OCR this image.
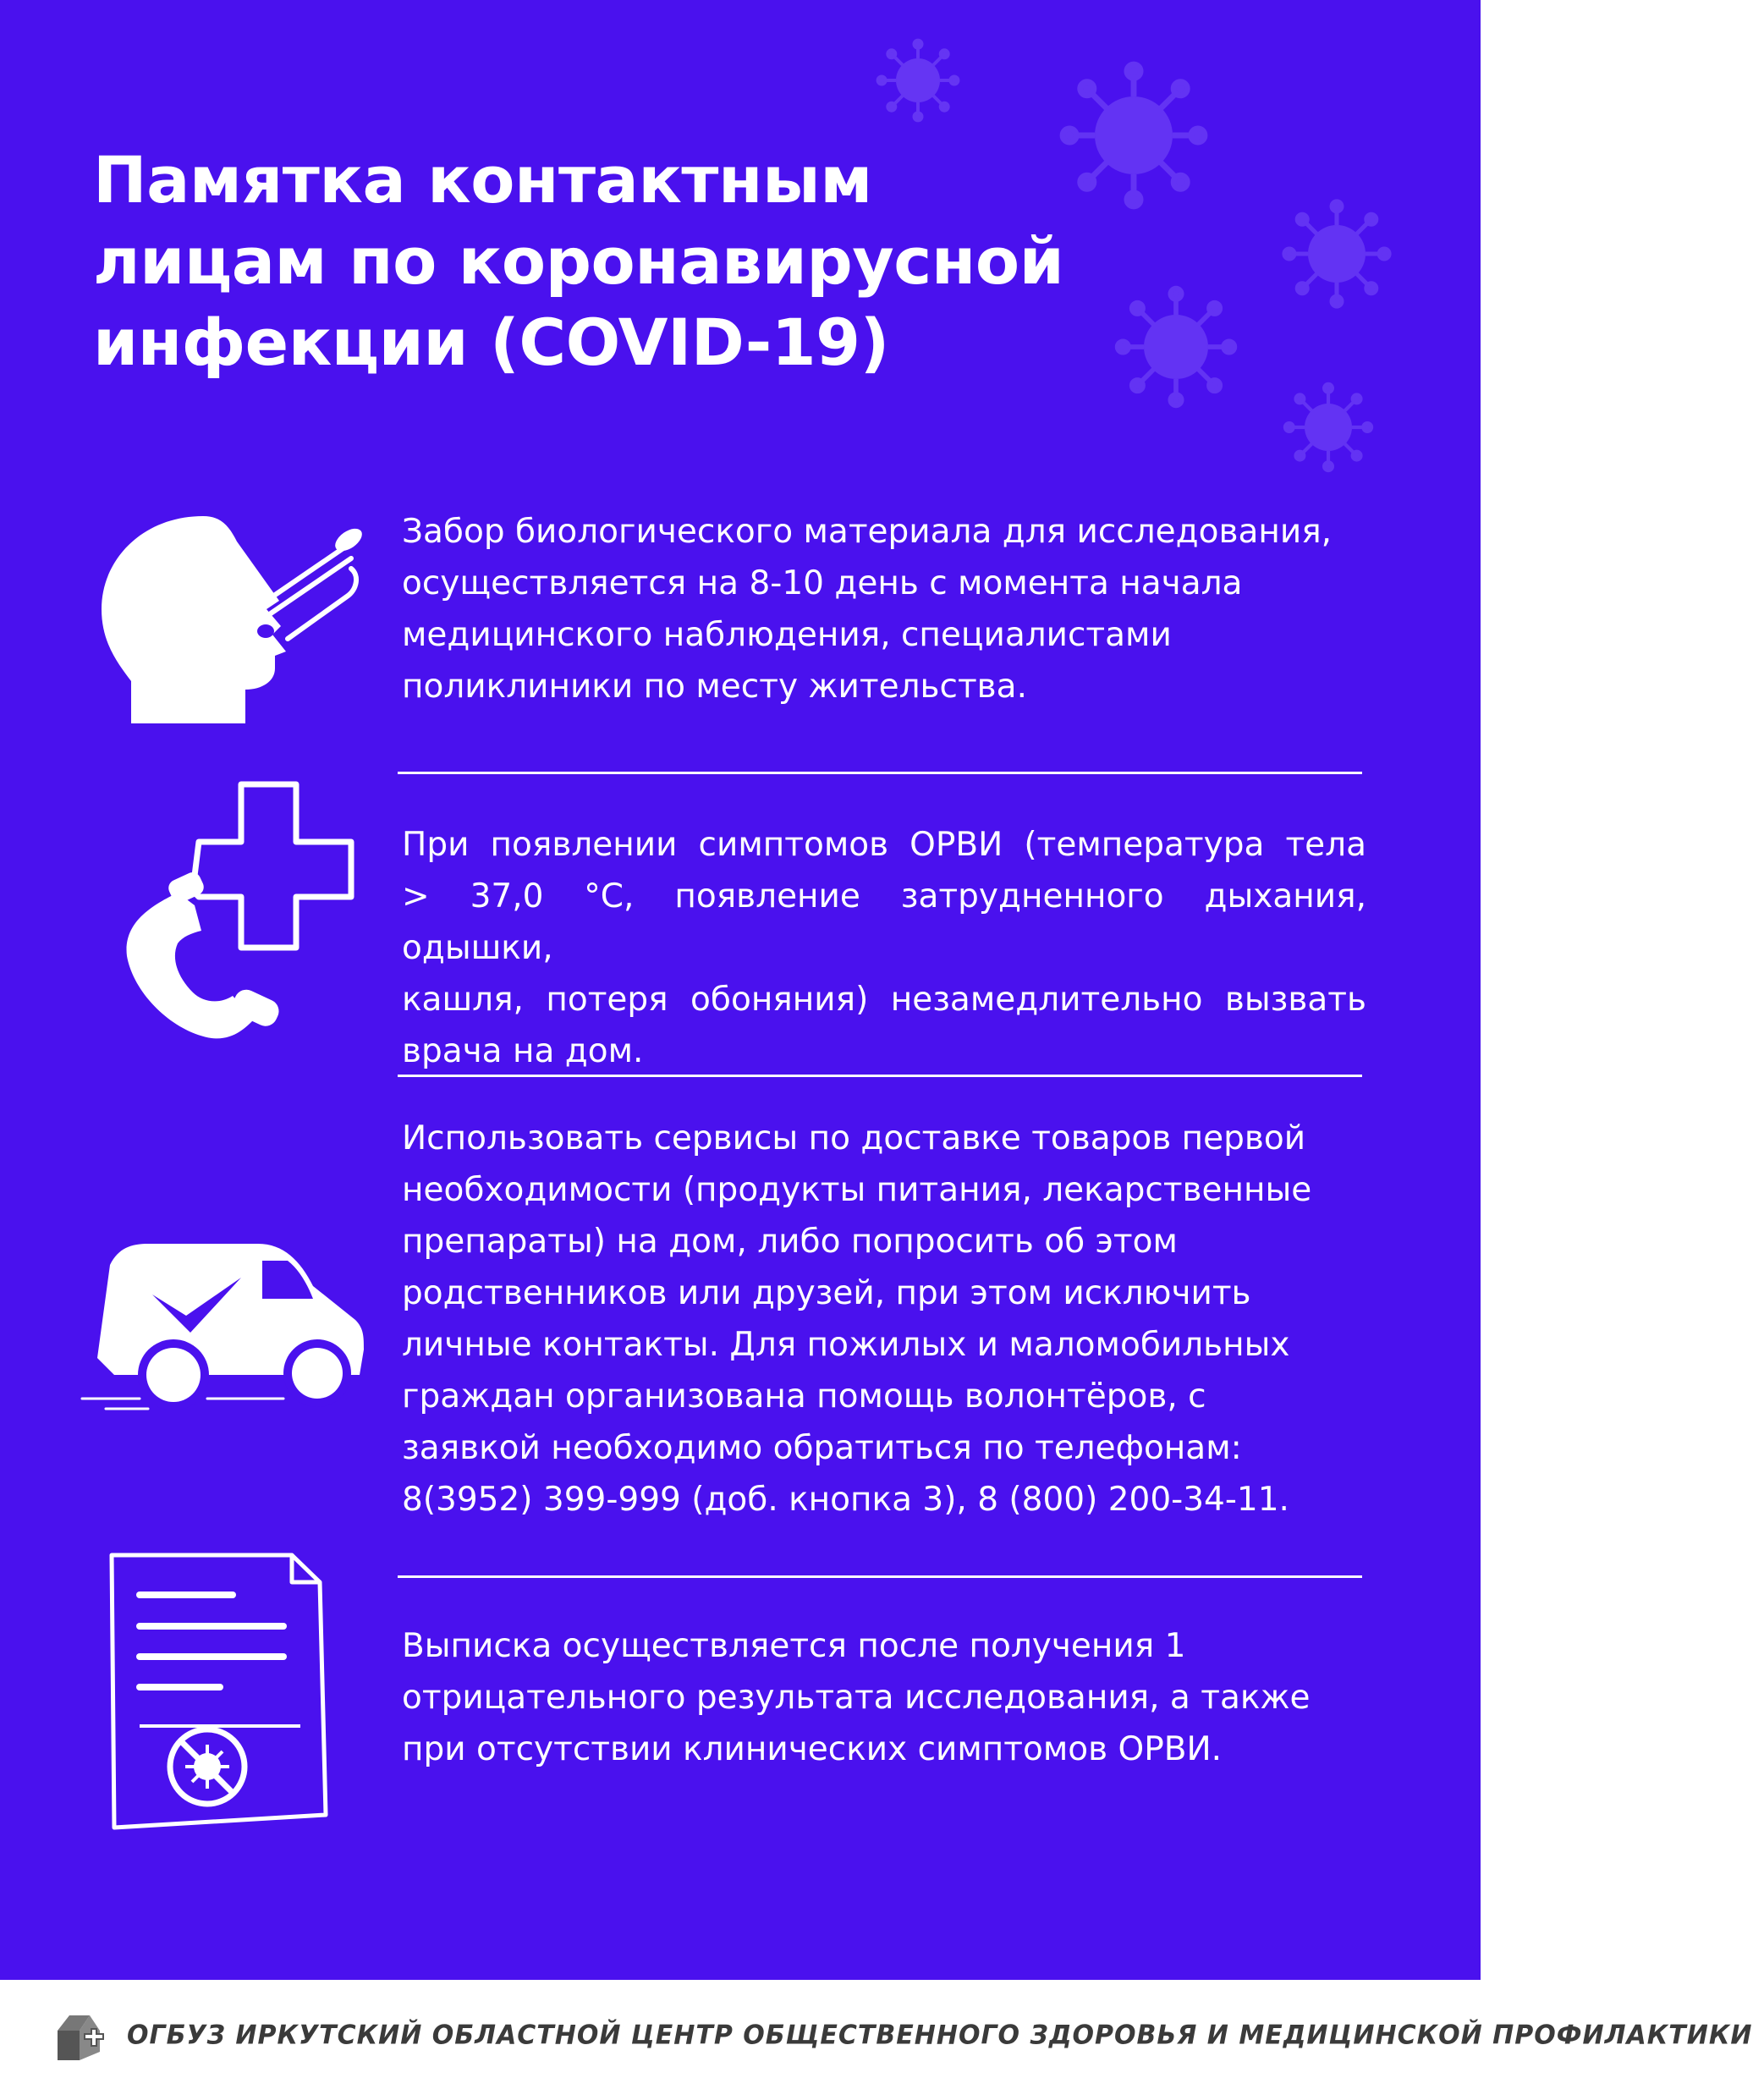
Памятка контактным
лицам по коронавирусной
инфекции (COVID-19)
Забор биологического материала для исследования,
осуществляется на 8-10 день с момента начала
медицинского наблюдения, специалистами
поликлиники по месту жительства.
При появлении симптомов ОРВИ (температура тела
> 37,0 °С, появление затрудненного дыхания, одышки,
кашля, потеря обоняния) незамедлительно вызвать
врача на дом.
Использовать сервисы по доставке товаров первой
необходимости (продукты питания, лекарственные
препараты) на дом, либо попросить об этом
родственников или друзей, при этом исключить
личные контакты. Для пожилых и маломобильных
граждан организована помощь волонтёров, с
заявкой необходимо обратиться по телефонам:
8(3952) 399-999 (доб. кнопка 3), 8 (800) 200-34-11.
Выписка осуществляется после получения 1
отрицательного результата исследования, а также
при отсутствии клинических симптомов ОРВИ.
ОГБУЗ ИРКУТСКИЙ ОБЛАСТНОЙ ЦЕНТР ОБЩЕСТВЕННОГО ЗДОРОВЬЯ И МЕДИЦИНСКОЙ ПРОФИЛАКТИКИ
